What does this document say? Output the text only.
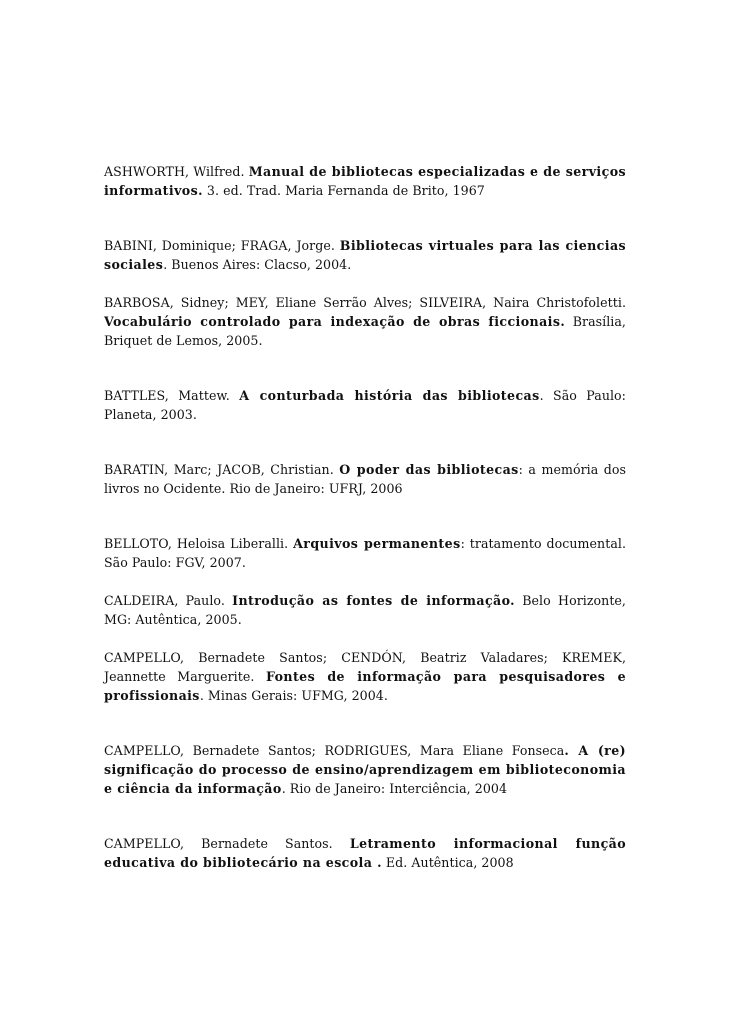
ASHWORTH, Wilfred. Manual de bibliotecas especializadas e de serviços informativos. 3. ed. Trad. Maria Fernanda de Brito, 1967

BABINI, Dominique; FRAGA, Jorge. Bibliotecas virtuales para las ciencias sociales. Buenos Aires: Clacso, 2004.

BARBOSA, Sidney; MEY, Eliane Serrão Alves; SILVEIRA, Naira Christofoletti. Vocabulário controlado para indexação de obras ficcionais. Brasília, Briquet de Lemos, 2005.

BATTLES, Mattew. A conturbada história das bibliotecas. São Paulo: Planeta, 2003.

BARATIN, Marc; JACOB, Christian. O poder das bibliotecas: a memória dos livros no Ocidente. Rio de Janeiro: UFRJ, 2006

BELLOTO, Heloisa Liberalli. Arquivos permanentes: tratamento documental. São Paulo: FGV, 2007.

CALDEIRA, Paulo. Introdução as fontes de informação. Belo Horizonte, MG: Autêntica, 2005.

CAMPELLO, Bernadete Santos; CENDÓN, Beatriz Valadares; KREMEK, Jeannette Marguerite. Fontes de informação para pesquisadores e profissionais. Minas Gerais: UFMG, 2004.

CAMPELLO, Bernadete Santos; RODRIGUES, Mara Eliane Fonseca. A (re) significação do processo de ensino/aprendizagem em biblioteconomia e ciência da informação. Rio de Janeiro: Interciência, 2004

CAMPELLO, Bernadete Santos. Letramento informacional função educativa do bibliotecário na escola . Ed. Autêntica, 2008
